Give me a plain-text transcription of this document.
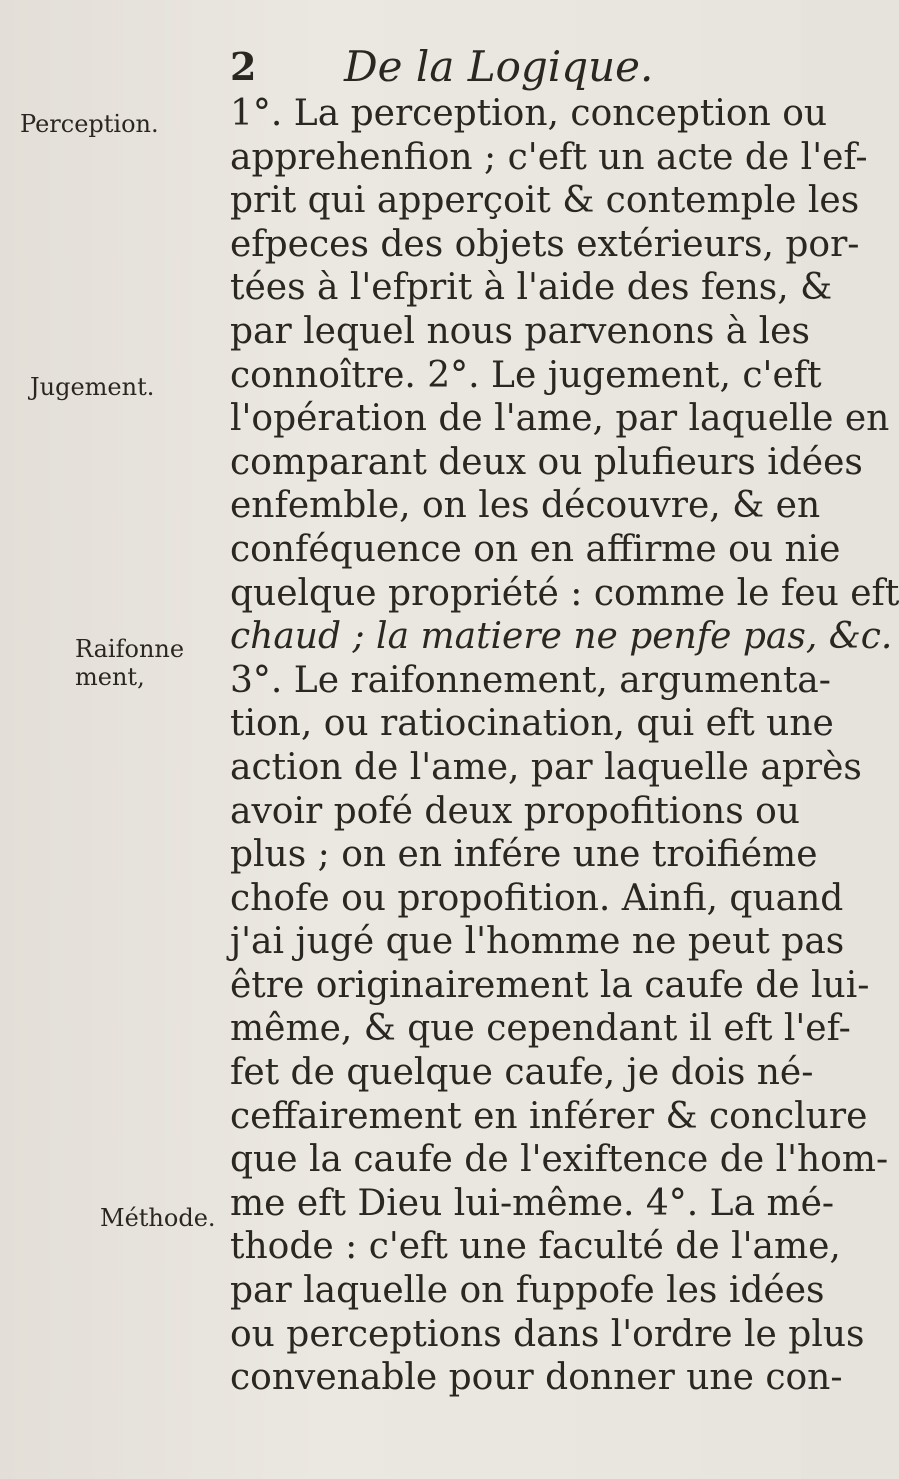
2 De la Logique.
Perception.
Jugement.
Raifonne
ment,
Méthode.
1°. La perception, conception ou
apprehenfion ; c'eft un acte de l'ef-
prit qui apperçoit & contemple les
efpeces des objets extérieurs, por-
tées à l'efprit à l'aide des fens, &
par lequel nous parvenons à les
connoître. 2°. Le jugement, c'eft
l'opération de l'ame, par laquelle en
comparant deux ou plufieurs idées
enfemble, on les découvre, & en
conféquence on en affirme ou nie
quelque propriété : comme le feu eft
chaud ; la matiere ne penfe pas, &c.
3°. Le raifonnement, argumenta-
tion, ou ratiocination, qui eft une
action de l'ame, par laquelle après
avoir pofé deux propofitions ou
plus ; on en infére une troifiéme
chofe ou propofition. Ainfi, quand
j'ai jugé que l'homme ne peut pas
être originairement la caufe de lui-
même, & que cependant il eft l'ef-
fet de quelque caufe, je dois né-
ceffairement en inférer & conclure
que la caufe de l'exiftence de l'hom-
me eft Dieu lui-même. 4°. La mé-
thode : c'eft une faculté de l'ame,
par laquelle on fuppofe les idées
ou perceptions dans l'ordre le plus
convenable pour donner une con-
